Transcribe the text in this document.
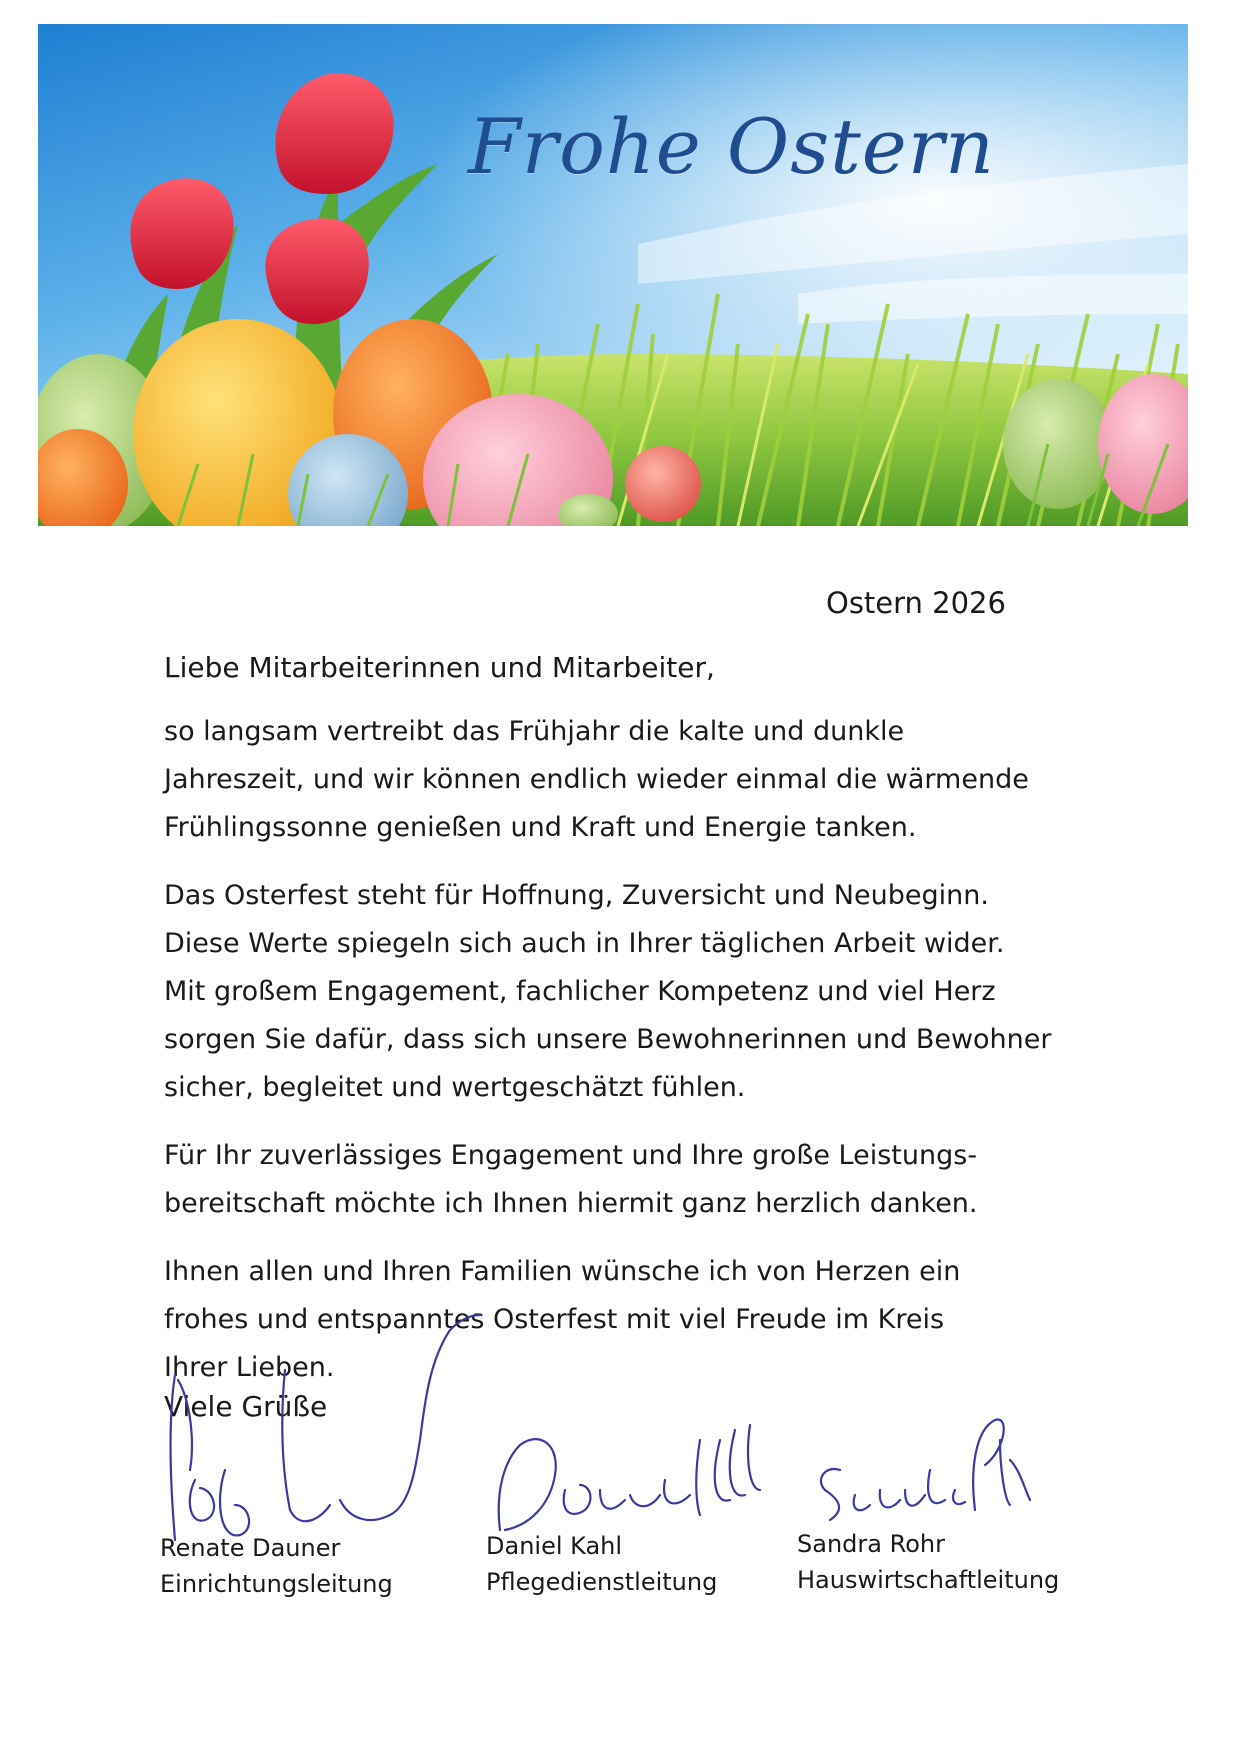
Frohe Ostern
Ostern 2026
Liebe Mitarbeiterinnen und Mitarbeiter,

so langsam vertreibt das Frühjahr die kalte und dunkle
Jahreszeit, und wir können endlich wieder einmal die wärmende
Frühlingssonne genießen und Kraft und Energie tanken.

Das Osterfest steht für Hoffnung, Zuversicht und Neubeginn.
Diese Werte spiegeln sich auch in Ihrer täglichen Arbeit wider.
Mit großem Engagement, fachlicher Kompetenz und viel Herz
sorgen Sie dafür, dass sich unsere Bewohnerinnen und Bewohner
sicher, begleitet und wertgeschätzt fühlen.

Für Ihr zuverlässiges Engagement und Ihre große Leistungs-
bereitschaft möchte ich Ihnen hiermit ganz herzlich danken.

Ihnen allen und Ihren Familien wünsche ich von Herzen ein
frohes und entspanntes Osterfest mit viel Freude im Kreis
Ihrer Lieben.

Viele Grüße
Renate Dauner
Einrichtungsleitung
Daniel Kahl
Pflegedienstleitung
Sandra Rohr
Hauswirtschaftleitung
